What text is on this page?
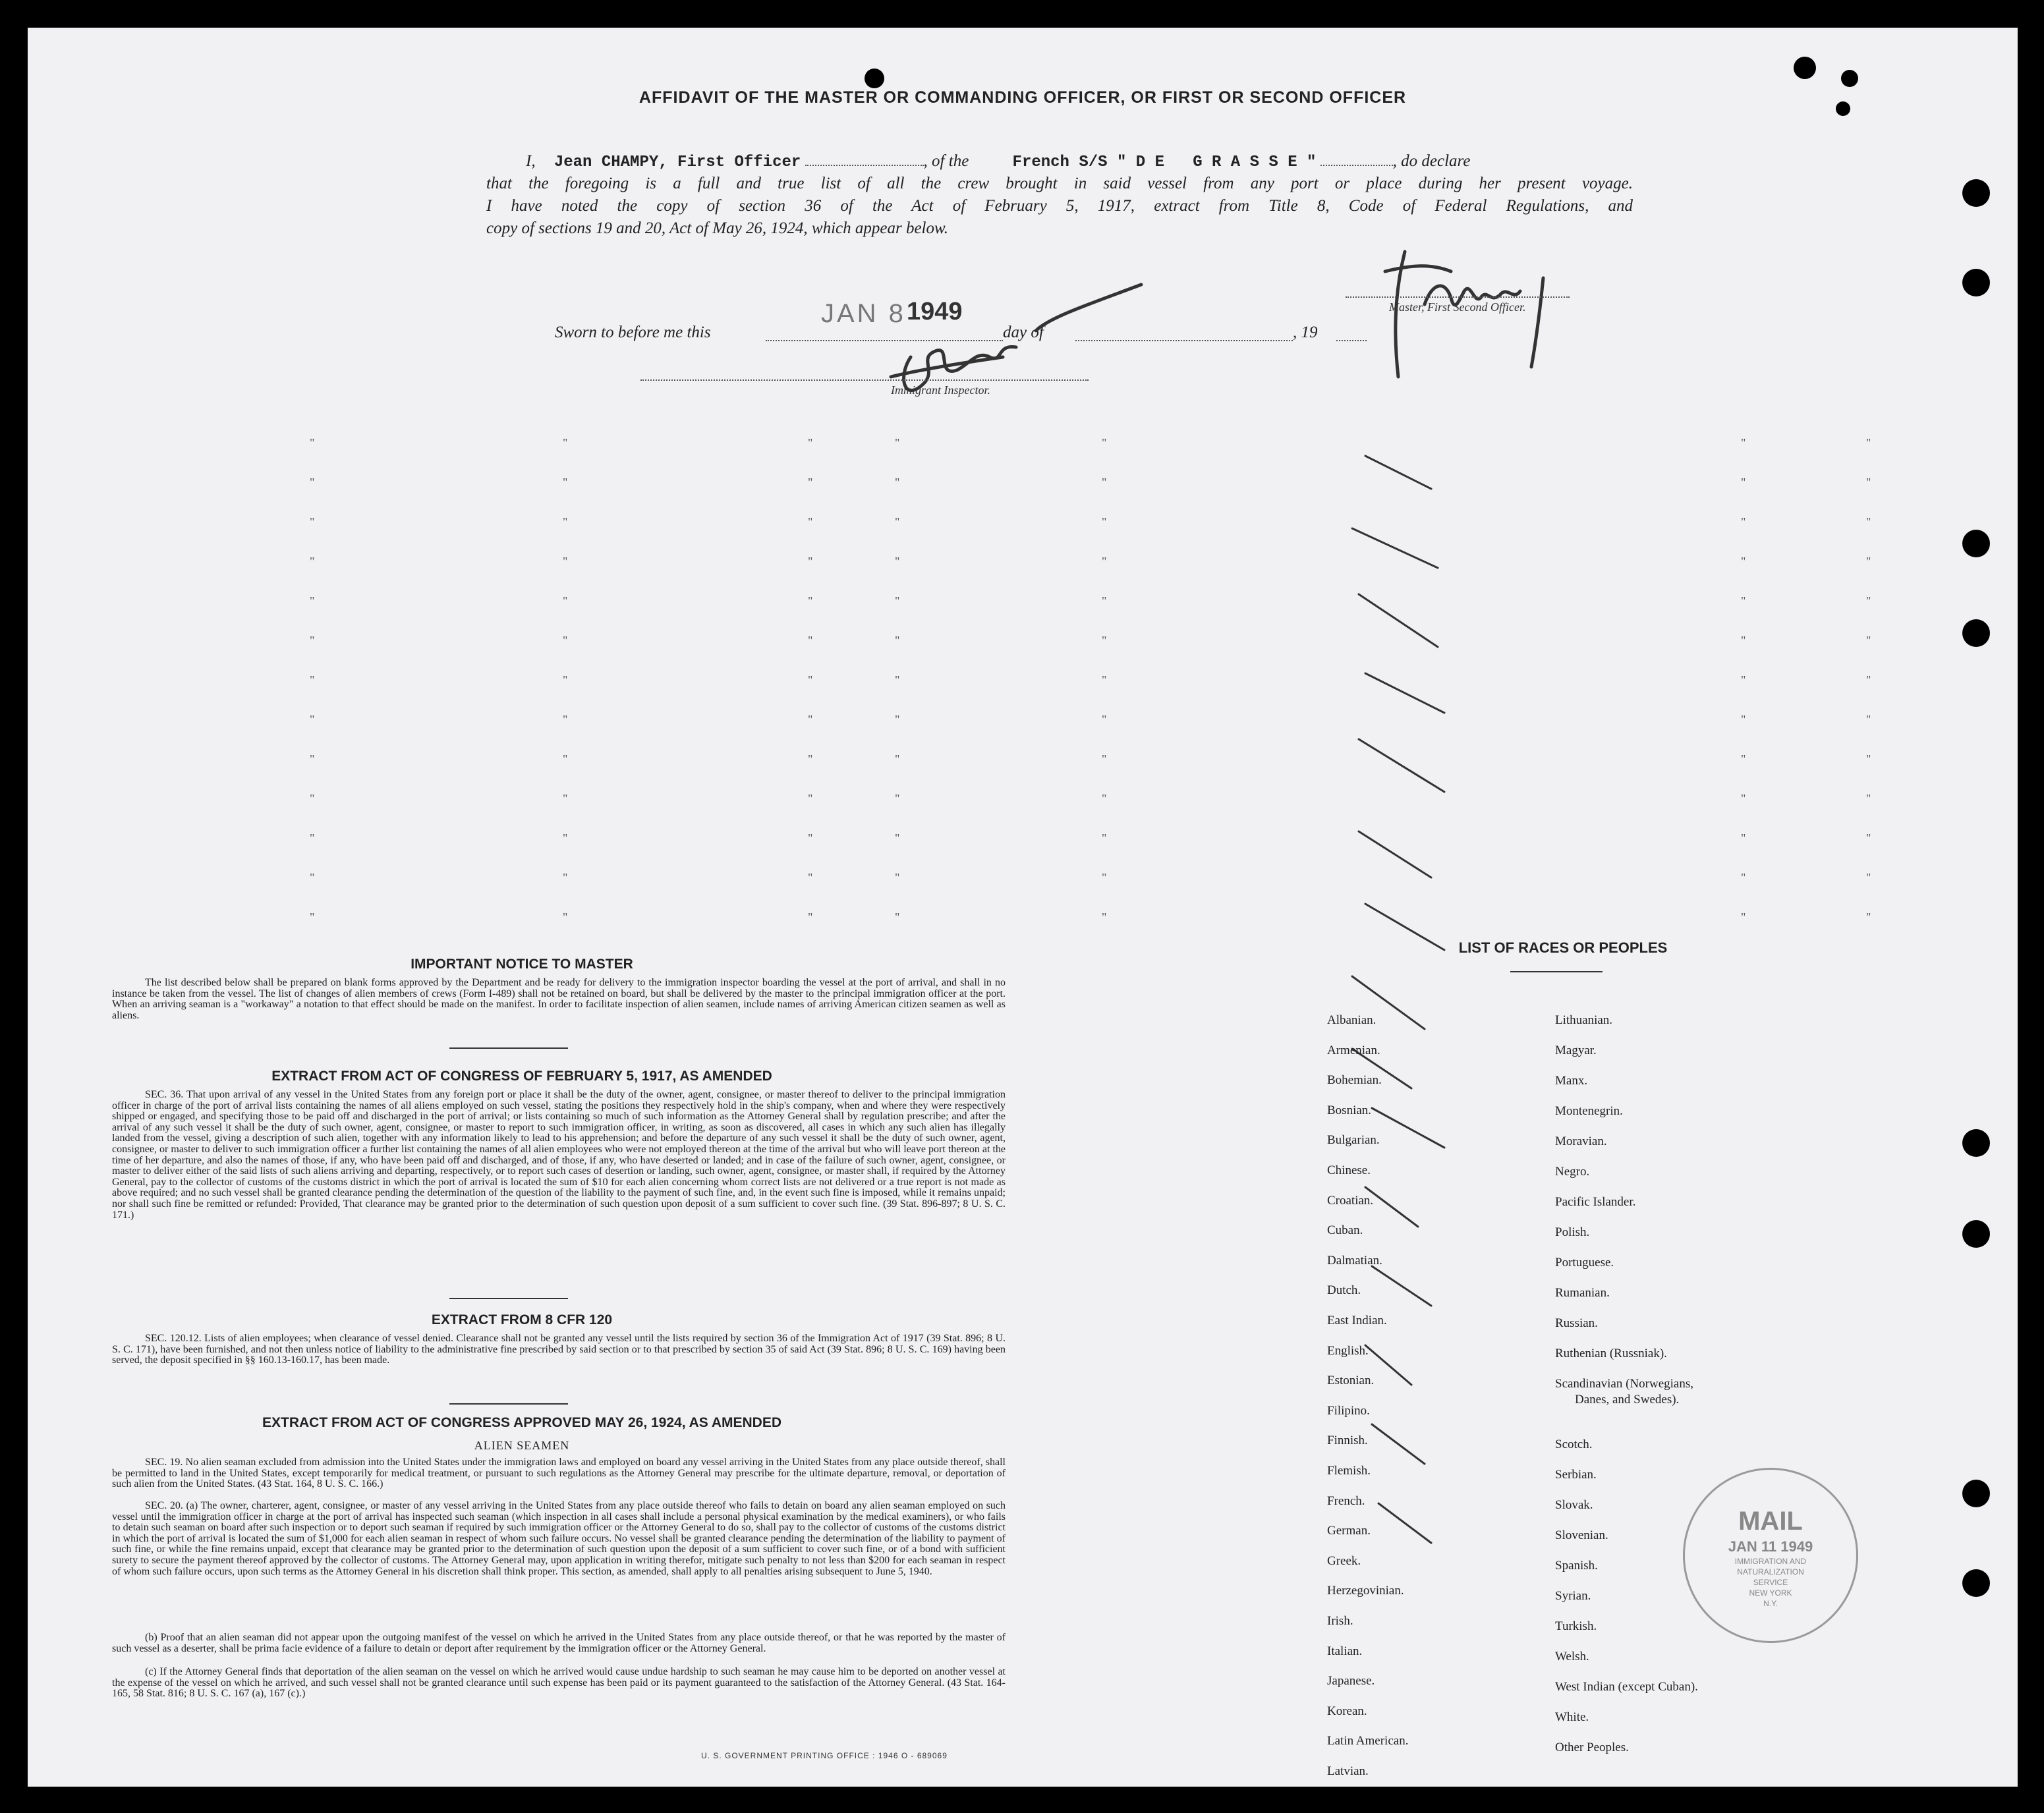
AFFIDAVIT OF THE MASTER OR COMMANDING OFFICER, OR FIRST OR SECOND OFFICER
I, Jean CHAMPY, First Officer	, of the	French S/S " D E   G R A S S E "	, do declare
that the foregoing is a full and true list of all the crew brought in said vessel from any port or place during her present voyage.
I have noted the copy of section 36 of the Act of February 5, 1917, extract from Title 8, Code of Federal Regulations, and
copy of sections 19 and 20, Act of May 26, 1924, which appear below.
Master, First Second Officer.
Sworn to before me this
JAN 8 1949
day of	, 19
Immigrant Inspector.
"	"	"	"	"	"	"
"	"	"	"	"	"	"
"	"	"	"	"	"	"
"	"	"	"	"	"	"
"	"	"	"	"	"	"
"	"	"	"	"	"	"
"	"	"	"	"	"	"
"	"	"	"	"	"	"
"	"	"	"	"	"	"
"	"	"	"	"	"	"
"	"	"	"	"	"	"
"	"	"	"	"	"	"
"	"	"	"	"	"	"
IMPORTANT NOTICE TO MASTER
The list described below shall be prepared on blank forms approved by the Department and be ready for delivery to the immigration inspector boarding the vessel at the port of arrival, and shall in no instance be taken from the vessel. The list of changes of alien members of crews (Form I-489) shall not be retained on board, but shall be delivered by the master to the principal immigration officer at the port. When an arriving seaman is a "workaway" a notation to that effect should be made on the manifest. In order to facilitate inspection of alien seamen, include names of arriving American citizen seamen as well as aliens.
EXTRACT FROM ACT OF CONGRESS OF FEBRUARY 5, 1917, AS AMENDED
SEC. 36. That upon arrival of any vessel in the United States from any foreign port or place it shall be the duty of the owner, agent, consignee, or master thereof to deliver to the principal immigration officer in charge of the port of arrival lists containing the names of all aliens employed on such vessel, stating the positions they respectively hold in the ship's company, when and where they were respectively shipped or engaged, and specifying those to be paid off and discharged in the port of arrival; or lists containing so much of such information as the Attorney General shall by regulation prescribe; and after the arrival of any such vessel it shall be the duty of such owner, agent, consignee, or master to report to such immigration officer, in writing, as soon as discovered, all cases in which any such alien has illegally landed from the vessel, giving a description of such alien, together with any information likely to lead to his apprehension; and before the departure of any such vessel it shall be the duty of such owner, agent, consignee, or master to deliver to such immigration officer a further list containing the names of all alien employees who were not employed thereon at the time of the arrival but who will leave port thereon at the time of her departure, and also the names of those, if any, who have been paid off and discharged, and of those, if any, who have deserted or landed; and in case of the failure of such owner, agent, consignee, or master to deliver either of the said lists of such aliens arriving and departing, respectively, or to report such cases of desertion or landing, such owner, agent, consignee, or master shall, if required by the Attorney General, pay to the collector of customs of the customs district in which the port of arrival is located the sum of $10 for each alien concerning whom correct lists are not delivered or a true report is not made as above required; and no such vessel shall be granted clearance pending the determination of the question of the liability to the payment of such fine, and, in the event such fine is imposed, while it remains unpaid; nor shall such fine be remitted or refunded: Provided, That clearance may be granted prior to the determination of such question upon deposit of a sum sufficient to cover such fine. (39 Stat. 896-897; 8 U. S. C. 171.)
EXTRACT FROM 8 CFR 120
SEC. 120.12. Lists of alien employees; when clearance of vessel denied. Clearance shall not be granted any vessel until the lists required by section 36 of the Immigration Act of 1917 (39 Stat. 896; 8 U. S. C. 171), have been furnished, and not then unless notice of liability to the administrative fine prescribed by said section or to that prescribed by section 35 of said Act (39 Stat. 896; 8 U. S. C. 169) having been served, the deposit specified in §§ 160.13-160.17, has been made.
EXTRACT FROM ACT OF CONGRESS APPROVED MAY 26, 1924, AS AMENDED
ALIEN SEAMEN
SEC. 19. No alien seaman excluded from admission into the United States under the immigration laws and employed on board any vessel arriving in the United States from any place outside thereof, shall be permitted to land in the United States, except temporarily for medical treatment, or pursuant to such regulations as the Attorney General may prescribe for the ultimate departure, removal, or deportation of such alien from the United States. (43 Stat. 164, 8 U. S. C. 166.)
SEC. 20. (a) The owner, charterer, agent, consignee, or master of any vessel arriving in the United States from any place outside thereof who fails to detain on board any alien seaman employed on such vessel until the immigration officer in charge at the port of arrival has inspected such seaman (which inspection in all cases shall include a personal physical examination by the medical examiners), or who fails to detain such seaman on board after such inspection or to deport such seaman if required by such immigration officer or the Attorney General to do so, shall pay to the collector of customs of the customs district in which the port of arrival is located the sum of $1,000 for each alien seaman in respect of whom such failure occurs. No vessel shall be granted clearance pending the determination of the liability to payment of such fine, or while the fine remains unpaid, except that clearance may be granted prior to the determination of such question upon the deposit of a sum sufficient to cover such fine, or of a bond with sufficient surety to secure the payment thereof approved by the collector of customs. The Attorney General may, upon application in writing therefor, mitigate such penalty to not less than $200 for each seaman in respect of whom such failure occurs, upon such terms as the Attorney General in his discretion shall think proper. This section, as amended, shall apply to all penalties arising subsequent to June 5, 1940.
(b) Proof that an alien seaman did not appear upon the outgoing manifest of the vessel on which he arrived in the United States from any place outside thereof, or that he was reported by the master of such vessel as a deserter, shall be prima facie evidence of a failure to detain or deport after requirement by the immigration officer or the Attorney General.
(c) If the Attorney General finds that deportation of the alien seaman on the vessel on which he arrived would cause undue hardship to such seaman he may cause him to be deported on another vessel at the expense of the vessel on which he arrived, and such vessel shall not be granted clearance until such expense has been paid or its payment guaranteed to the satisfaction of the Attorney General. (43 Stat. 164-165, 58 Stat. 816; 8 U. S. C. 167 (a), 167 (c).)
U. S. GOVERNMENT PRINTING OFFICE : 1946 O - 689069
LIST OF RACES OR PEOPLES
Albanian.
Armenian.
Bohemian.
Bosnian.
Bulgarian.
Chinese.
Croatian.
Cuban.
Dalmatian.
Dutch.
East Indian.
English.
Estonian.
Filipino.
Finnish.
Flemish.
French.
German.
Greek.
Herzegovinian.
Irish.
Italian.
Japanese.
Korean.
Latin American.
Latvian.
Lithuanian.
Magyar.
Manx.
Montenegrin.
Moravian.
Negro.
Pacific Islander.
Polish.
Portuguese.
Rumanian.
Russian.
Ruthenian (Russniak).
Scandinavian (Norwegians,
Danes, and Swedes).
Scotch.
Serbian.
Slovak.
Slovenian.
Spanish.
Syrian.
Turkish.
Welsh.
West Indian (except Cuban).
White.
Other Peoples.
MAIL
JAN 11 1949
IMMIGRATION AND
NATURALIZATION
SERVICE
NEW YORK
N.Y.
